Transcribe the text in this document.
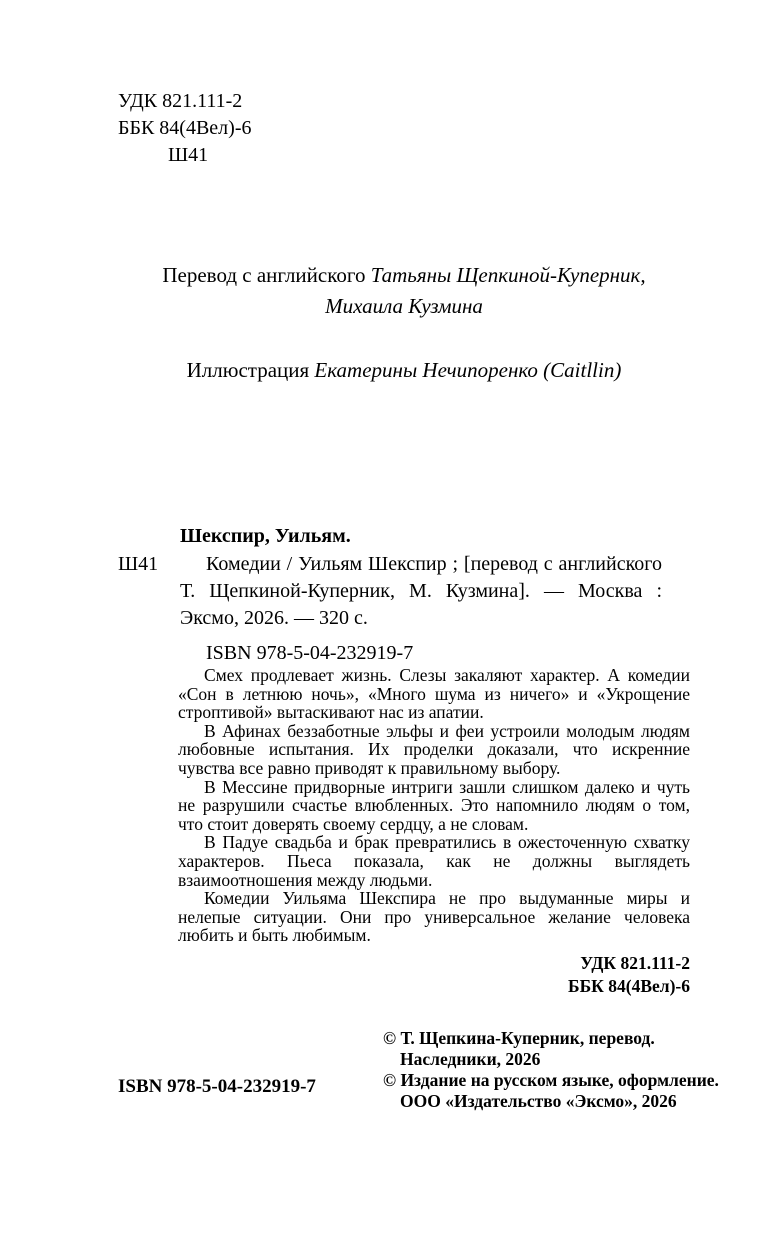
УДК 821.111-2
ББК 84(4Вел)-6
Ш41
Перевод с английского Татьяны Щепкиной-Куперник,
Михаила Кузмина
Иллюстрация Екатерины Нечипоренко (Caitllin)
Шекспир, Уильям.
Ш41	Комедии / Уильям Шекспир ; [перевод с английского Т. Щепкиной-Куперник, М. Кузмина]. — Москва : Эксмо, 2026. — 320 с.
ISBN 978-5-04-232919-7

Смех продлевает жизнь. Слезы закаляют характер. А комедии «Сон в летнюю ночь», «Много шума из ничего» и «Укрощение строптивой» вытаскивают нас из апатии.

В Афинах беззаботные эльфы и феи устроили молодым людям любовные испытания. Их проделки доказали, что искренние чувства все равно приводят к правильному выбору.

В Мессине придворные интриги зашли слишком далеко и чуть не разрушили счастье влюбленных. Это напомнило людям о том, что стоит доверять своему сердцу, а не словам.

В Падуе свадьба и брак превратились в ожесточенную схватку характеров. Пьеса показала, как не должны выглядеть взаимоотношения между людьми.

Комедии Уильяма Шекспира не про выдуманные миры и нелепые ситуации. Они про универсальное желание человека любить и быть любимым.

УДК 821.111-2
ББК 84(4Вел)-6
© Т. Щепкина-Куперник, перевод.
Наследники, 2026
© Издание на русском языке, оформление.
ООО «Издательство «Эксмо», 2026
ISBN 978-5-04-232919-7
